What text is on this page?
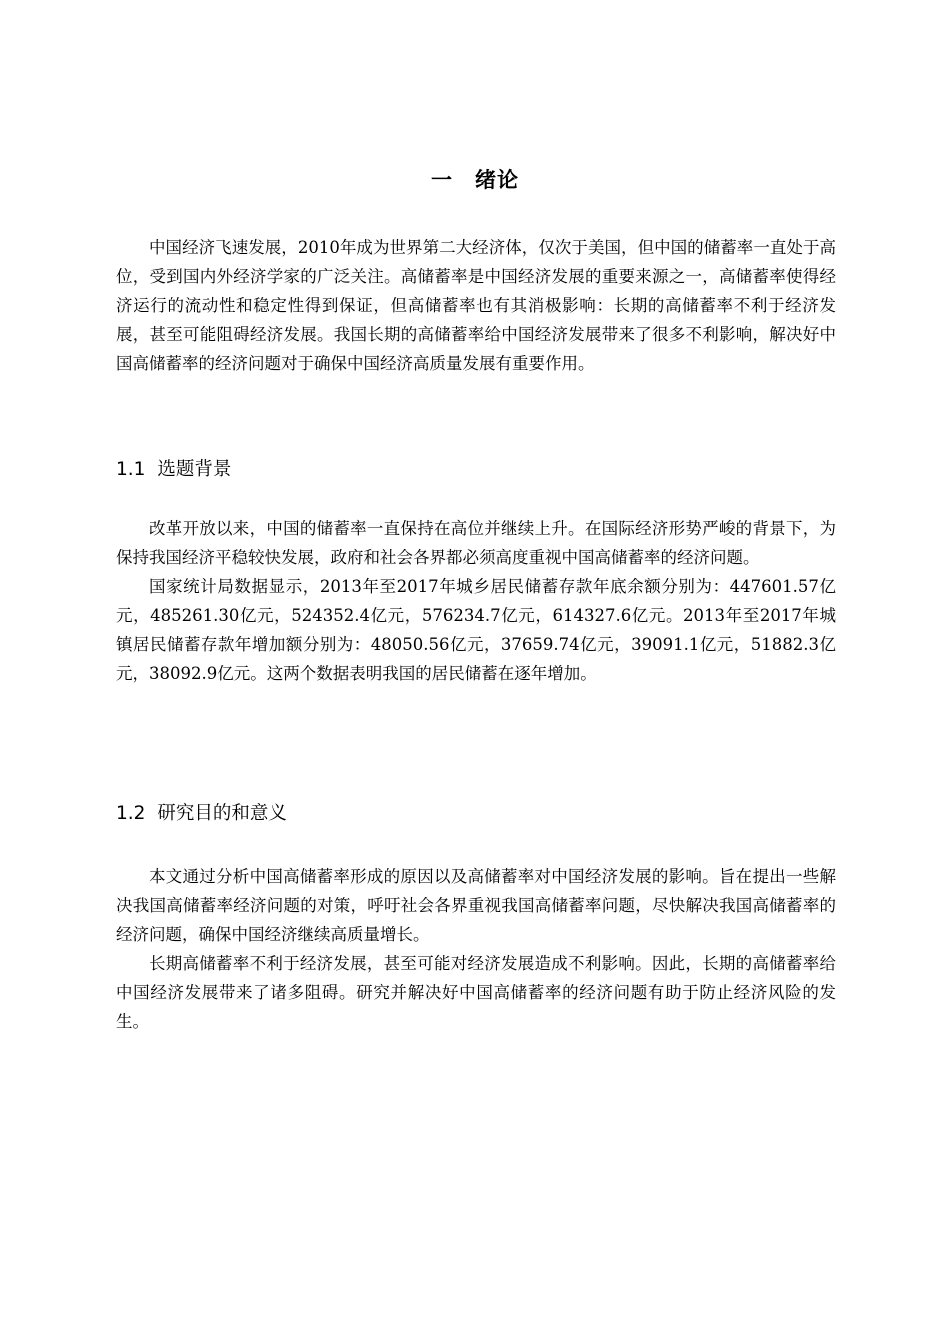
一 绪论

中国经济飞速发展，2010年成为世界第二大经济体，仅次于美国，但中国的储蓄率一直处于高位，受到国内外经济学家的广泛关注。高储蓄率是中国经济发展的重要来源之一，高储蓄率使得经济运行的流动性和稳定性得到保证，但高储蓄率也有其消极影响：长期的高储蓄率不利于经济发展，甚至可能阻碍经济发展。我国长期的高储蓄率给中国经济发展带来了很多不利影响，解决好中国高储蓄率的经济问题对于确保中国经济高质量发展有重要作用。

1.1 选题背景

改革开放以来，中国的储蓄率一直保持在高位并继续上升。在国际经济形势严峻的背景下，为保持我国经济平稳较快发展，政府和社会各界都必须高度重视中国高储蓄率的经济问题。

国家统计局数据显示，2013年至2017年城乡居民储蓄存款年底余额分别为：447601.57亿元，485261.30亿元，524352.4亿元，576234.7亿元，614327.6亿元。2013年至2017年城镇居民储蓄存款年增加额分别为：48050.56亿元，37659.74亿元，39091.1亿元，51882.3亿元，38092.9亿元。这两个数据表明我国的居民储蓄在逐年增加。

1.2 研究目的和意义

本文通过分析中国高储蓄率形成的原因以及高储蓄率对中国经济发展的影响。旨在提出一些解决我国高储蓄率经济问题的对策，呼吁社会各界重视我国高储蓄率问题，尽快解决我国高储蓄率的经济问题，确保中国经济继续高质量增长。

长期高储蓄率不利于经济发展，甚至可能对经济发展造成不利影响。因此，长期的高储蓄率给中国经济发展带来了诸多阻碍。研究并解决好中国高储蓄率的经济问题有助于防止经济风险的发生。
